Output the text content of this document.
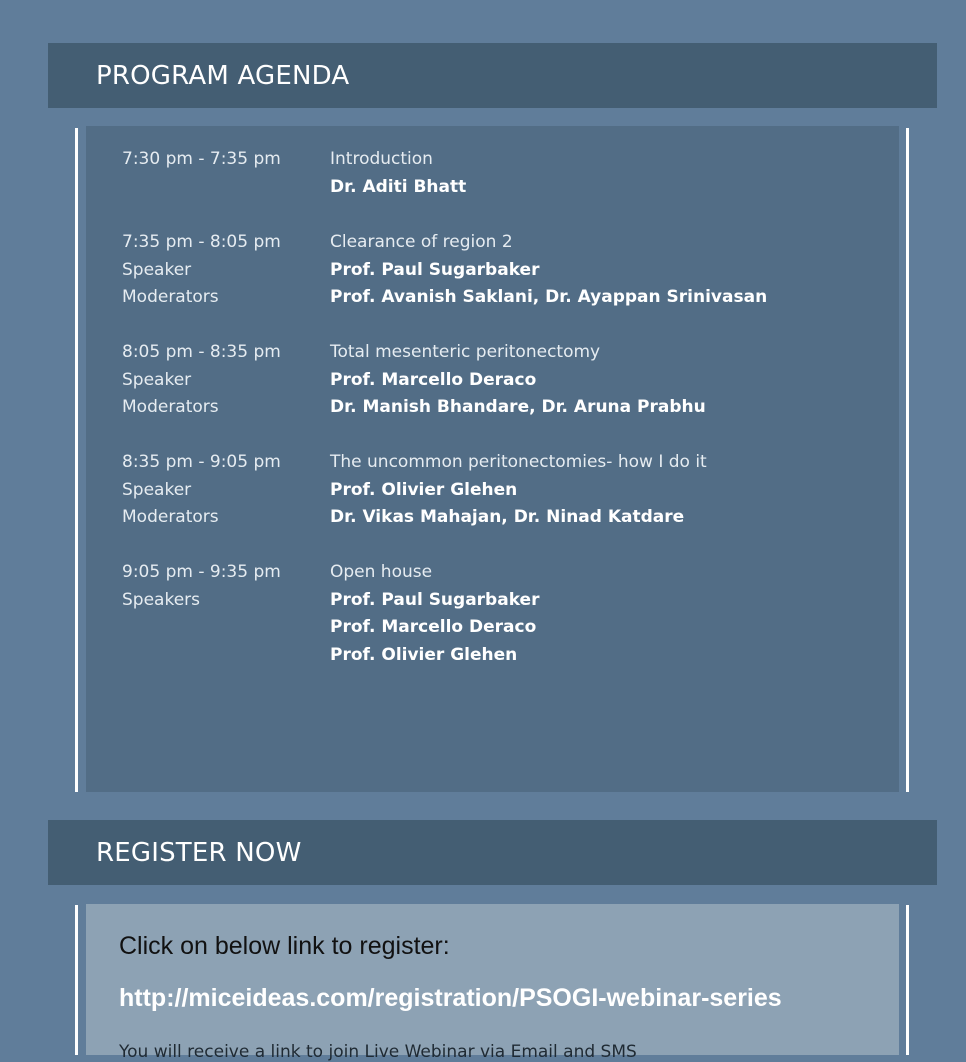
PROGRAM AGENDA
7:30 pm - 7:35 pm	Introduction
Dr. Aditi Bhatt
7:35 pm - 8:05 pm
Speaker
Moderators
Clearance of region 2
Prof. Paul Sugarbaker
Prof. Avanish Saklani, Dr. Ayappan Srinivasan
8:05 pm - 8:35 pm
Speaker
Moderators
Total mesenteric peritonectomy
Prof. Marcello Deraco
Dr. Manish Bhandare, Dr. Aruna Prabhu
8:35 pm - 9:05 pm
Speaker
Moderators
The uncommon peritonectomies- how I do it
Prof. Olivier Glehen
Dr. Vikas Mahajan, Dr. Ninad Katdare
9:05 pm - 9:35 pm
Speakers
Open house
Prof. Paul Sugarbaker
Prof. Marcello Deraco
Prof. Olivier Glehen
REGISTER NOW
Click on below link to register:
http://miceideas.com/registration/PSOGI-webinar-series
You will receive a link to join Live Webinar via Email and SMS
